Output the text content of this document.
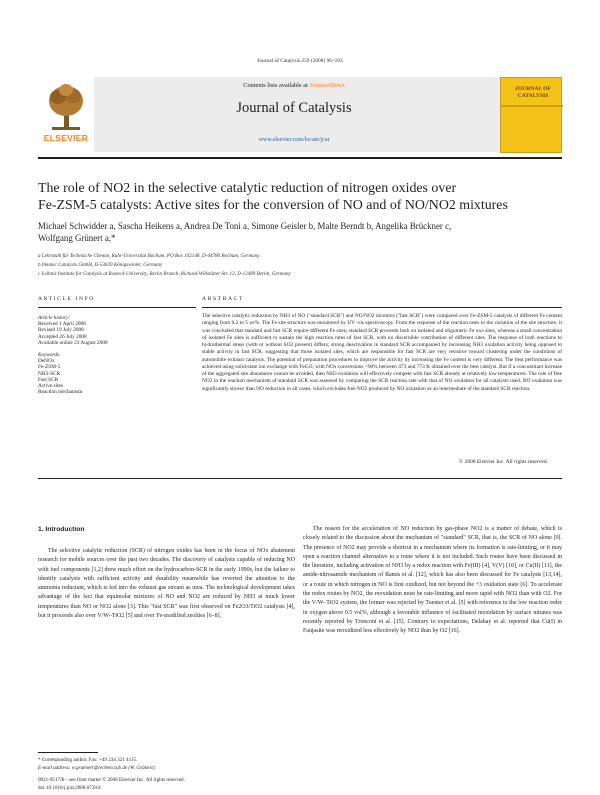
Journal of Catalysis 259 (2008) 96–103
ELSEVIER
Contents lists available at ScienceDirect
Journal of Catalysis
www.elsevier.com/locate/jcat
JOURNAL OF
CATALYSIS
The role of NO2 in the selective catalytic reduction of nitrogen oxides over
Fe-ZSM-5 catalysts: Active sites for the conversion of NO and of NO/NO2 mixtures
Michael Schwidder a, Sascha Heikens a, Andrea De Toni a, Simone Geisler b, Malte Berndt b, Angelika Brückner c,
Wolfgang Grünert a,*
a Lehrstuhl für Technische Chemie, Ruhr-Universität Bochum, PO Box 102148, D-44780 Bochum, Germany
b Inkatec Catalysts GmbH, D-53639 Königswinter, Germany
c Leibniz Institute for Catalysis at Rostock University, Berlin Branch, Richard-Willstätter-Str. 12, D-12489 Berlin, Germany
ARTICLE INFO	ABSTRACT
Article history:
Received 1 April 2008
Revised 19 July 2008
Accepted 26 July 2008
Available online 23 August 2008
Keywords:
DeNOx
Fe-ZSM-5
NH3-SCR
Fast SCR
Active sites
Reaction mechanism
The selective catalytic reduction by NH3 of NO ("standard SCR") and NO/NO2 mixtures ("fast SCR") were compared over Fe-ZSM-5 catalysts of different Fe content ranging from 0.2 to 5 wt%. The Fe site structure was monitored by UV–vis spectroscopy. From the response of the reaction rates to the variation of the site structure, it was concluded that standard and fast SCR require different Fe sites; standard SCR proceeds both on isolated and oligomeric Fe oxo sites, whereas a small concentration of isolated Fe sites is sufficient to sustain the high reaction rates of fast SCR, with no discernible contribution of different sites. The response of both reactions to hydrothermal stress (with or without SO2 present) differs; strong deactivation in standard SCR accompanied by increasing NH3 oxidation activity being opposed to stable activity in fast SCR, suggesting that those isolated sites, which are responsible for fast SCR are very resistive toward clustering under the conditions of automobile exhaust catalysis. The potential of preparation procedures to improve the activity by increasing the Fe content is very different. The best performance was achieved using solid-state ion exchange with FeCl3, with NOx conversions >90% between 473 and 773 K obtained over the best catalyst. But if a concomitant increase of the aggregated site abundance cannot be avoided, then NH3 oxidation will effectively compete with fast SCR already at relatively low temperatures. The role of free NO2 in the reaction mechanism of standard SCR was assessed by comparing the SCR reaction rate with that of NO oxidation for all catalysts used. NO oxidation was significantly slower than NO reduction in all cases, which excludes free NO2 produced by NO oxidation as an intermediate of the standard SCR reaction.
© 2008 Elsevier Inc. All rights reserved.
1. Introduction
The selective catalytic reduction (SCR) of nitrogen oxides has been in the focus of NOx abatement research for mobile sources over the past two decades. The discovery of catalysts capable of reducing NO with fuel components [1,2] drew much effort on the hydrocarbon-SCR in the early 1990s, but the failure to identify catalysts with sufficient activity and durability meanwhile has reverted the attention to the ammonia reductant, which is fed into the exhaust gas stream as urea. The technological development takes advantage of the fact that equimolar mixtures of NO and NO2 are reduced by NH3 at much lower temperatures than NO or NO2 alone [3]. This "fast SCR" was first observed on Fe2O3/TiO2 catalysts [4], but it proceeds also over V/W–TiO2 [5] and over Fe-modified zeolites [6–8].
The reason for the acceleration of NO reduction by gas-phase NO2 is a matter of debate, which is closely related to the discussion about the mechanism of "standard" SCR, that is, the SCR of NO alone [9]. The presence of NO2 may provide a shortcut in a mechanism where its formation is rate-limiting, or it may open a reaction channel alternative to a route where it is not included. Such routes have been discussed in the literature, including activation of NH3 by a redox reaction with Fe(III) [4], V(V) [10], or Cu(II) [11], the amide-nitrosamide mechanism of Ramis et al. [12], which has also been discussed for Fe catalysts [13,14], or a route in which nitrogen in NO is first oxidized, but not beyond the +3 oxidation state [6]. To accelerate the redox routes by NO2, the reoxidation must be rate-limiting and more rapid with NO2 than with O2. For the V/W–TiO2 system, the former was rejected by Tuenter et al. [5] with reference to the low reaction order in oxygen above 0.5 vol%, although a favorable influence of facilitated reoxidation by surface nitrates was recently reported by Tronconi et al. [15]. Contrary to expectations, Delahay et al. reported that Cu(I) in Faujasite was reoxidized less effectively by NO2 than by O2 [16].
* Corresponding author. Fax: +49 234 321 4115.
E-mail address: w.gruenert@techem.rub.de (W. Grünert).
0021-9517/$ – see front matter © 2008 Elsevier Inc. All rights reserved.
doi:10.1016/j.jcat.2008.07.014
